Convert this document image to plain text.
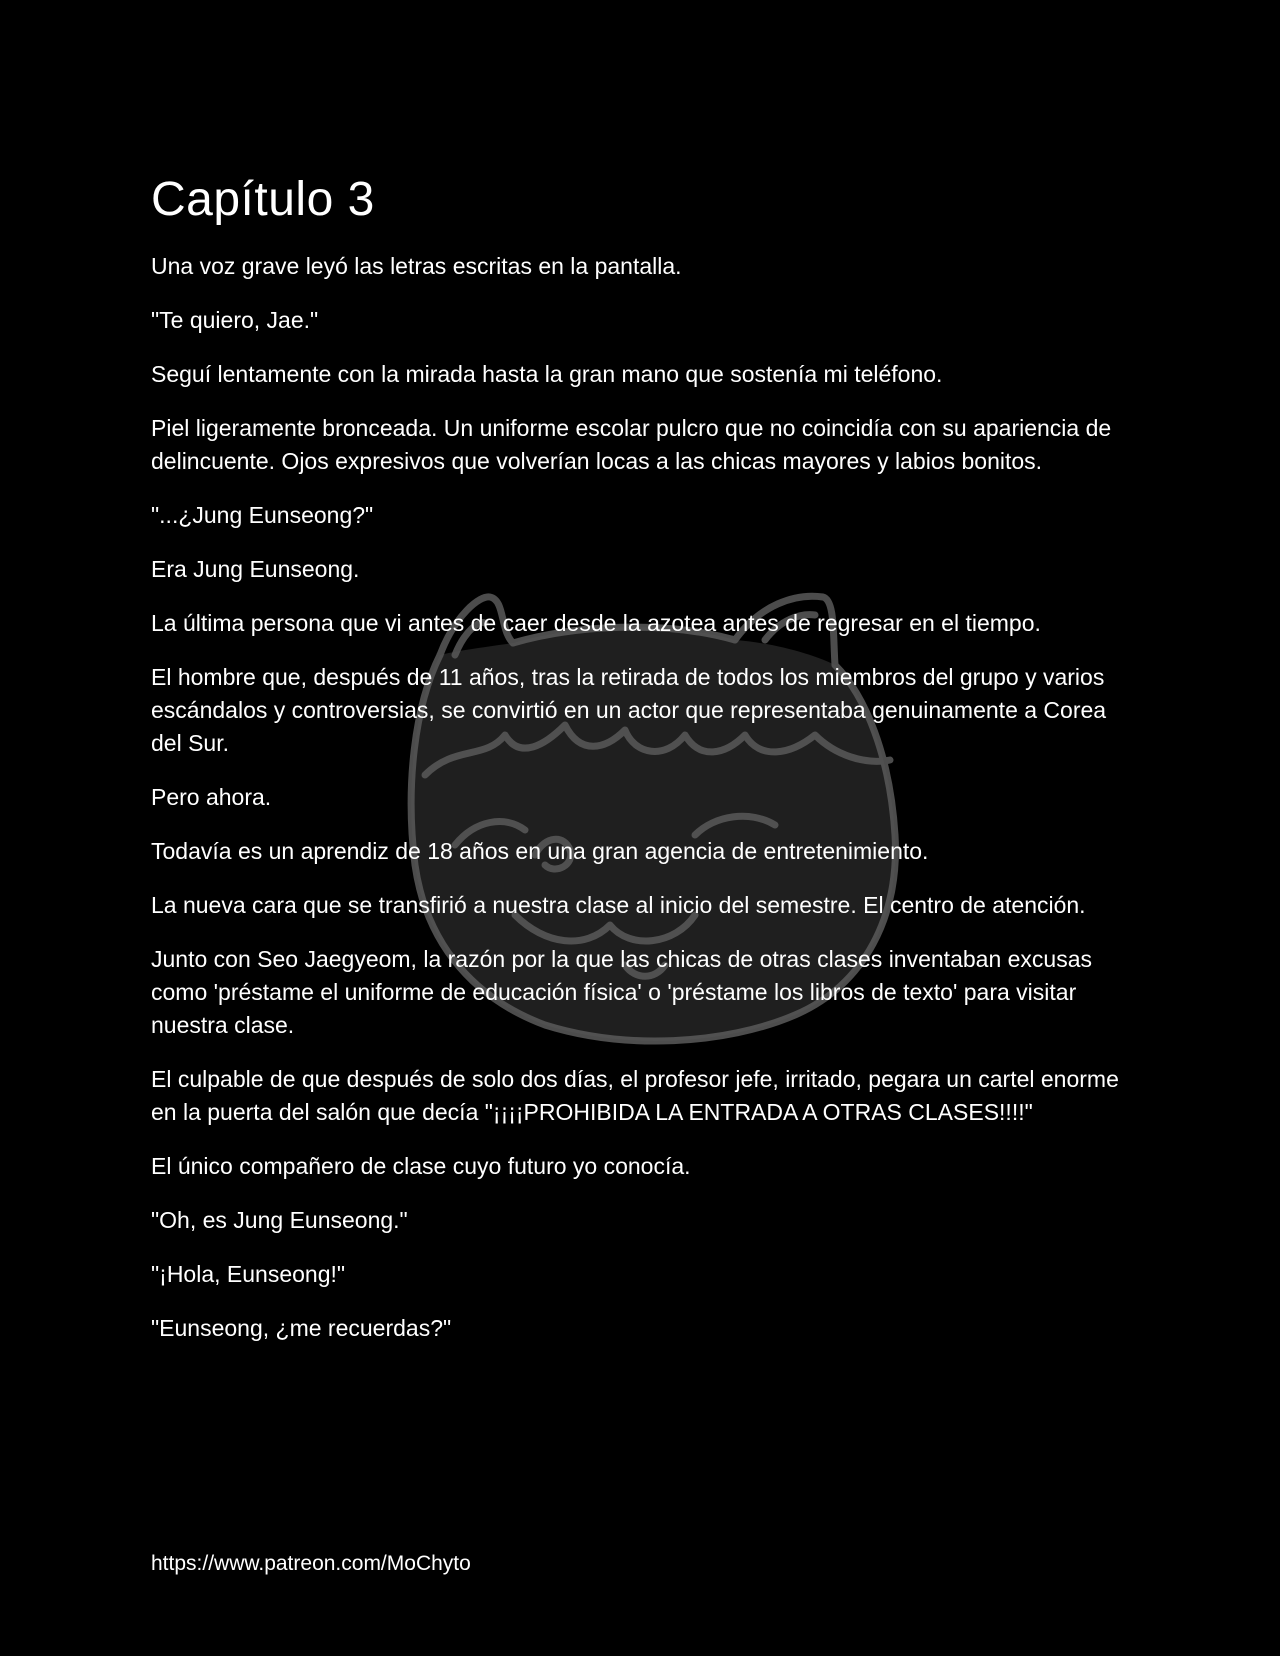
Capítulo 3

Una voz grave leyó las letras escritas en la pantalla.

"Te quiero, Jae."

Seguí lentamente con la mirada hasta la gran mano que sostenía mi teléfono.

Piel ligeramente bronceada. Un uniforme escolar pulcro que no coincidía con su apariencia de delincuente. Ojos expresivos que volverían locas a las chicas mayores y labios bonitos.

"...¿Jung Eunseong?"

Era Jung Eunseong.

La última persona que vi antes de caer desde la azotea antes de regresar en el tiempo.

El hombre que, después de 11 años, tras la retirada de todos los miembros del grupo y varios escándalos y controversias, se convirtió en un actor que representaba genuinamente a Corea del Sur.

Pero ahora.

Todavía es un aprendiz de 18 años en una gran agencia de entretenimiento.

La nueva cara que se transfirió a nuestra clase al inicio del semestre. El centro de atención.

Junto con Seo Jaegyeom, la razón por la que las chicas de otras clases inventaban excusas como 'préstame el uniforme de educación física' o 'préstame los libros de texto' para visitar nuestra clase.

El culpable de que después de solo dos días, el profesor jefe, irritado, pegara un cartel enorme en la puerta del salón que decía "¡¡¡¡PROHIBIDA LA ENTRADA A OTRAS CLASES!!!!"

El único compañero de clase cuyo futuro yo conocía.

"Oh, es Jung Eunseong."

"¡Hola, Eunseong!"

"Eunseong, ¿me recuerdas?"

https://www.patreon.com/MoChyto
